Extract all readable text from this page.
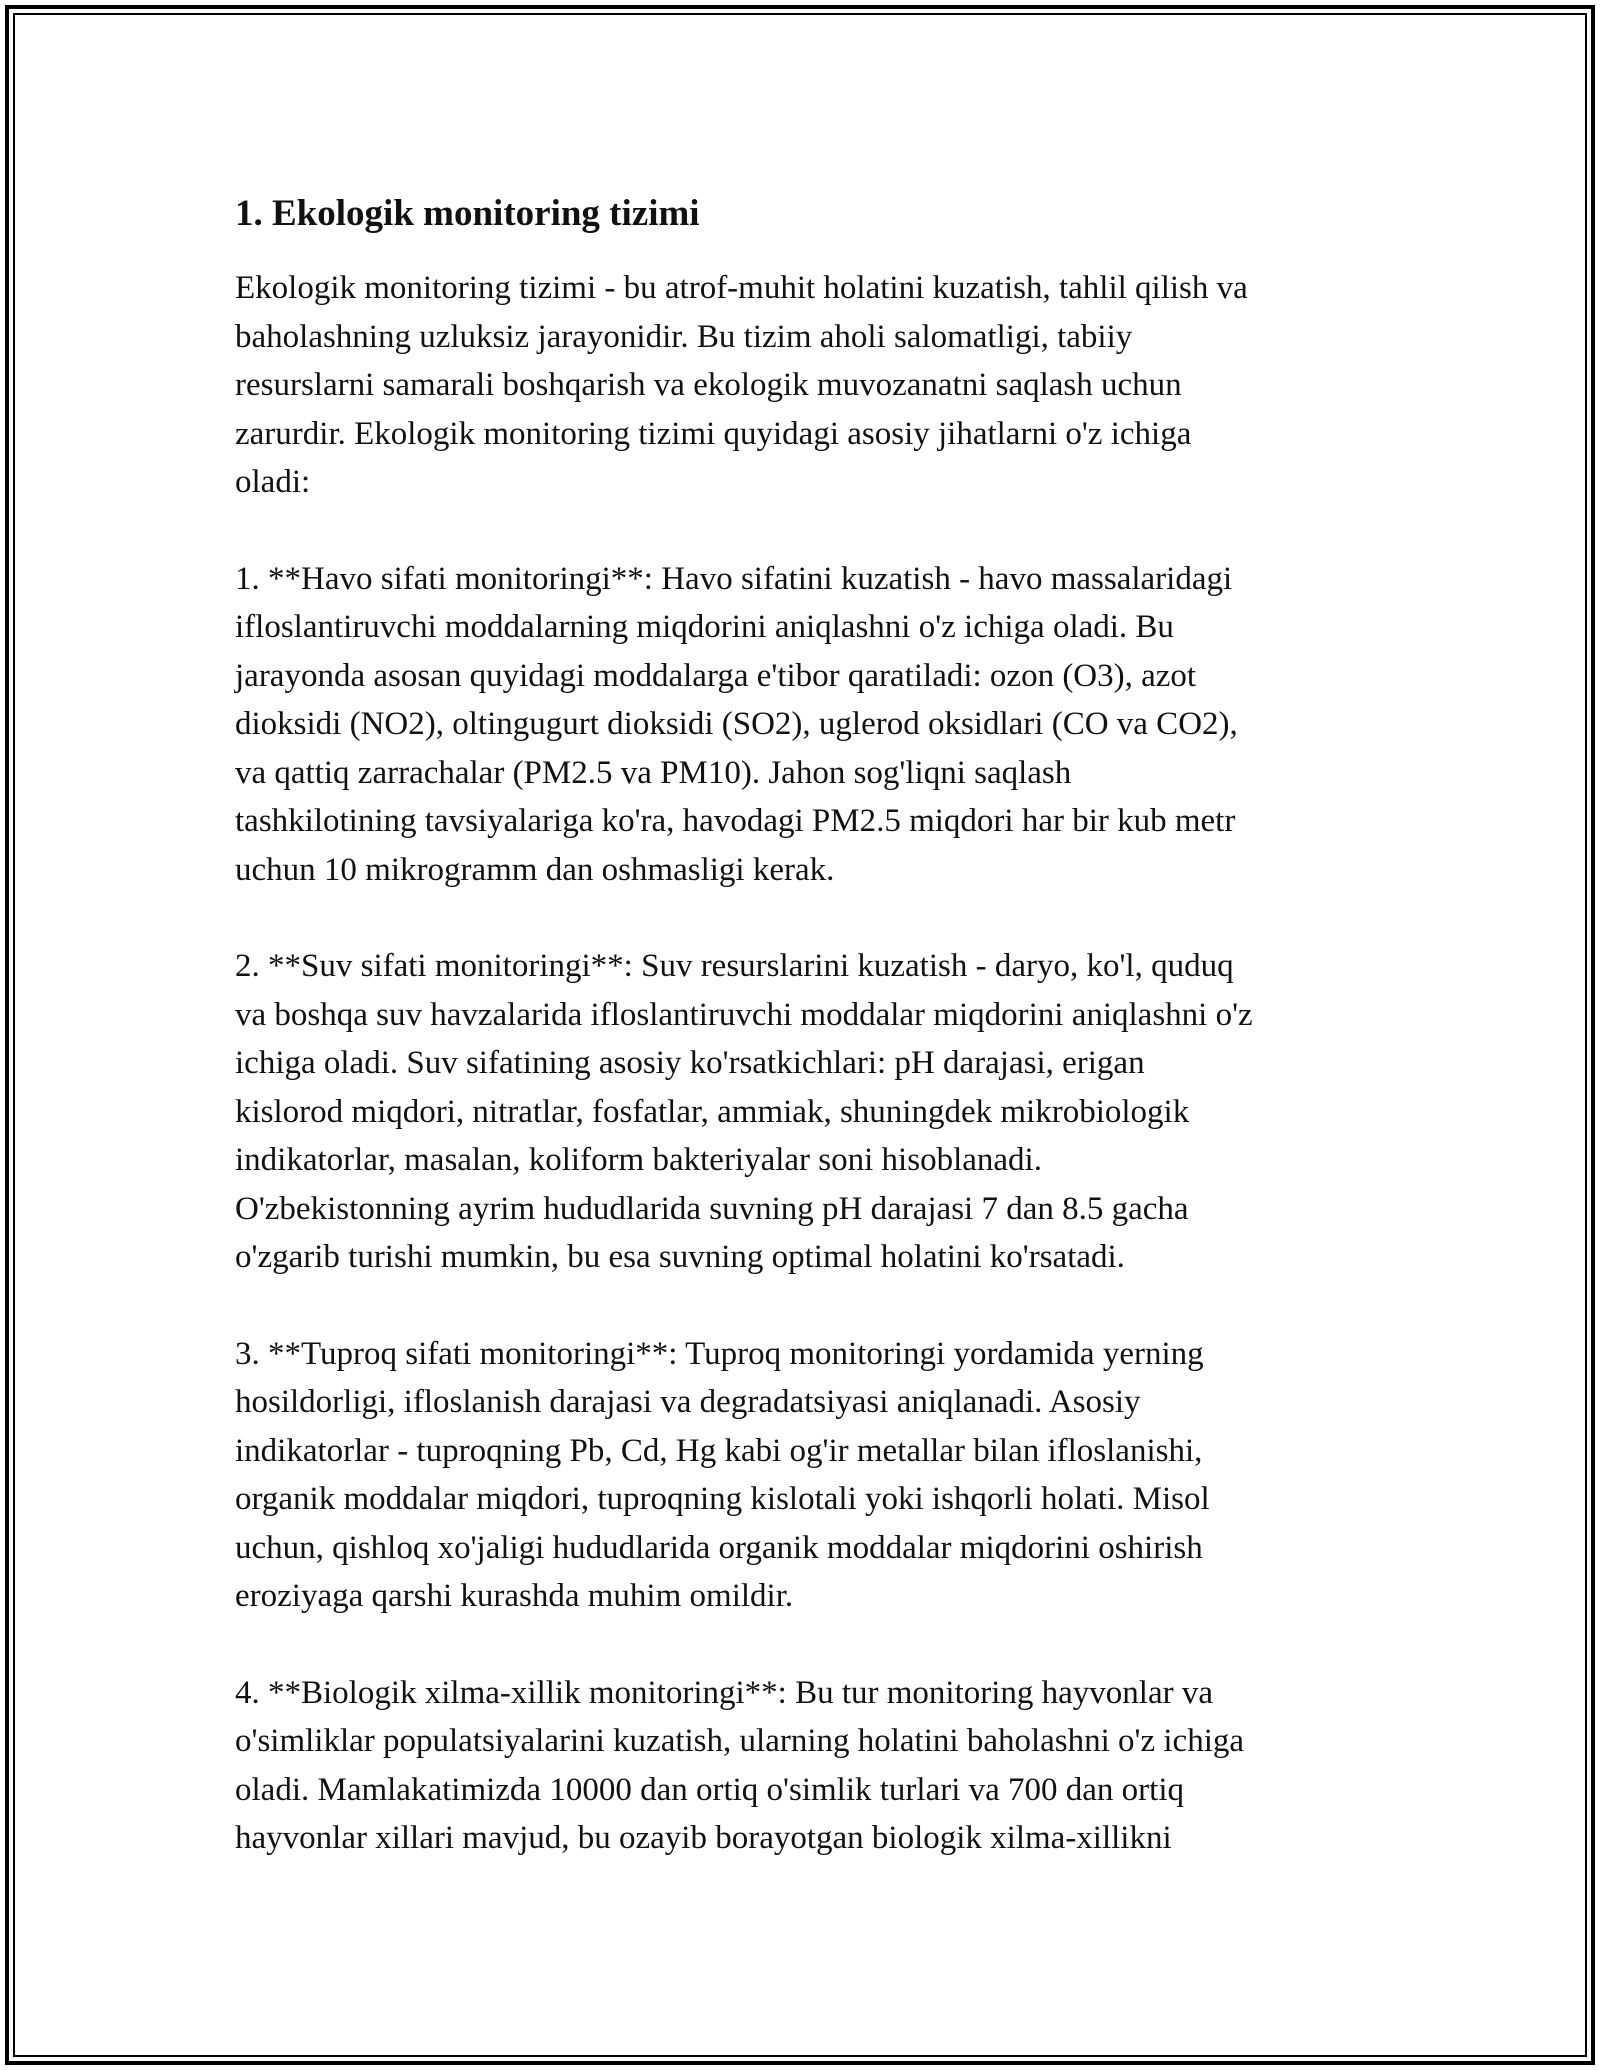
1. Ekologik monitoring tizimi

Ekologik monitoring tizimi - bu atrof-muhit holatini kuzatish, tahlil qilish va
baholashning uzluksiz jarayonidir. Bu tizim aholi salomatligi, tabiiy
resurslarni samarali boshqarish va ekologik muvozanatni saqlash uchun
zarurdir. Ekologik monitoring tizimi quyidagi asosiy jihatlarni o'z ichiga
oladi:

1. **Havo sifati monitoringi**: Havo sifatini kuzatish - havo massalaridagi
ifloslantiruvchi moddalarning miqdorini aniqlashni o'z ichiga oladi. Bu
jarayonda asosan quyidagi moddalarga e'tibor qaratiladi: ozon (O3), azot
dioksidi (NO2), oltingugurt dioksidi (SO2), uglerod oksidlari (CO va CO2),
va qattiq zarrachalar (PM2.5 va PM10). Jahon sog'liqni saqlash
tashkilotining tavsiyalariga ko'ra, havodagi PM2.5 miqdori har bir kub metr
uchun 10 mikrogramm dan oshmasligi kerak.

2. **Suv sifati monitoringi**: Suv resurslarini kuzatish - daryo, ko'l, quduq
va boshqa suv havzalarida ifloslantiruvchi moddalar miqdorini aniqlashni o'z
ichiga oladi. Suv sifatining asosiy ko'rsatkichlari: pH darajasi, erigan
kislorod miqdori, nitratlar, fosfatlar, ammiak, shuningdek mikrobiologik
indikatorlar, masalan, koliform bakteriyalar soni hisoblanadi.
O'zbekistonning ayrim hududlarida suvning pH darajasi 7 dan 8.5 gacha
o'zgarib turishi mumkin, bu esa suvning optimal holatini ko'rsatadi.

3. **Tuproq sifati monitoringi**: Tuproq monitoringi yordamida yerning
hosildorligi, ifloslanish darajasi va degradatsiyasi aniqlanadi. Asosiy
indikatorlar - tuproqning Pb, Cd, Hg kabi og'ir metallar bilan ifloslanishi,
organik moddalar miqdori, tuproqning kislotali yoki ishqorli holati. Misol
uchun, qishloq xo'jaligi hududlarida organik moddalar miqdorini oshirish
eroziyaga qarshi kurashda muhim omildir.

4. **Biologik xilma-xillik monitoringi**: Bu tur monitoring hayvonlar va
o'simliklar populatsiyalarini kuzatish, ularning holatini baholashni o'z ichiga
oladi. Mamlakatimizda 10000 dan ortiq o'simlik turlari va 700 dan ortiq
hayvonlar xillari mavjud, bu ozayib borayotgan biologik xilma-xillikni
